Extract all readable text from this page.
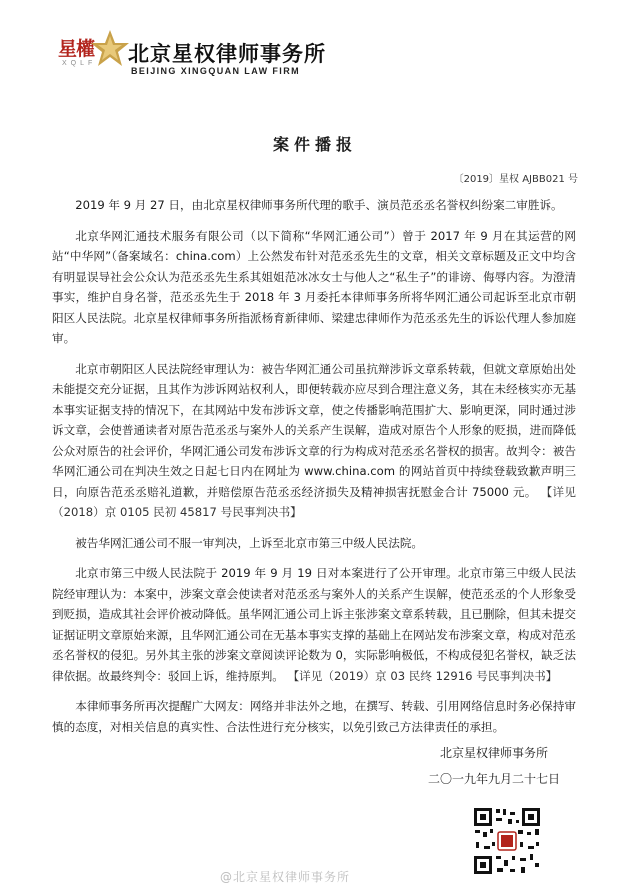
星權
XQLF 北京星权律师事务所
BEIJING XINGQUAN LAW FIRM
案件播报
〔2019〕星权 AJBB021 号

2019 年 9 月 27 日，由北京星权律师事务所代理的歌手、演员范丞丞名誉权纠纷案二审胜诉。

北京华网汇通技术服务有限公司（以下简称“华网汇通公司”）曾于 2017 年 9 月在其运营的网站“中华网”（备案域名：china.com）上公然发布针对范丞丞先生的文章，相关文章标题及正文中均含有明显误导社会公众认为范丞丞先生系其姐姐范冰冰女士与他人之“私生子”的诽谤、侮辱内容。为澄清事实，维护自身名誉，范丞丞先生于 2018 年 3 月委托本律师事务所将华网汇通公司起诉至北京市朝阳区人民法院。北京星权律师事务所指派杨育新律师、梁建忠律师作为范丞丞先生的诉讼代理人参加庭审。

北京市朝阳区人民法院经审理认为：被告华网汇通公司虽抗辩涉诉文章系转载，但就文章原始出处未能提交充分证据，且其作为涉诉网站权利人，即便转载亦应尽到合理注意义务，其在未经核实亦无基本事实证据支持的情况下，在其网站中发布涉诉文章，使之传播影响范围扩大、影响更深，同时通过涉诉文章，会使普通读者对原告范丞丞与案外人的关系产生误解，造成对原告个人形象的贬损，进而降低公众对原告的社会评价，华网汇通公司发布涉诉文章的行为构成对范丞丞名誉权的损害。故判令：被告华网汇通公司在判决生效之日起七日内在网址为 www.china.com 的网站首页中持续登载致歉声明三日，向原告范丞丞赔礼道歉，并赔偿原告范丞丞经济损失及精神损害抚慰金合计 75000 元。 【详见（2018）京 0105 民初 45817 号民事判决书】

被告华网汇通公司不服一审判决，上诉至北京市第三中级人民法院。

北京市第三中级人民法院于 2019 年 9 月 19 日对本案进行了公开审理。北京市第三中级人民法院经审理认为：本案中，涉案文章会使读者对范丞丞与案外人的关系产生误解，使范丞丞的个人形象受到贬损，造成其社会评价被动降低。虽华网汇通公司上诉主张涉案文章系转载，且已删除，但其未提交证据证明文章原始来源，且华网汇通公司在无基本事实支撑的基础上在网站发布涉案文章，构成对范丞丞名誉权的侵犯。另外其主张的涉案文章阅读评论数为 0，实际影响极低，不构成侵犯名誉权，缺乏法律依据。故最终判令：驳回上诉，维持原判。 【详见（2019）京 03 民终 12916 号民事判决书】

本律师事务所再次提醒广大网友：网络并非法外之地，在撰写、转载、引用网络信息时务必保持审慎的态度，对相关信息的真实性、合法性进行充分核实，以免引致己方法律责任的承担。

北京星权律师事务所
二〇一九年九月二十七日
@北京星权律师事务所
